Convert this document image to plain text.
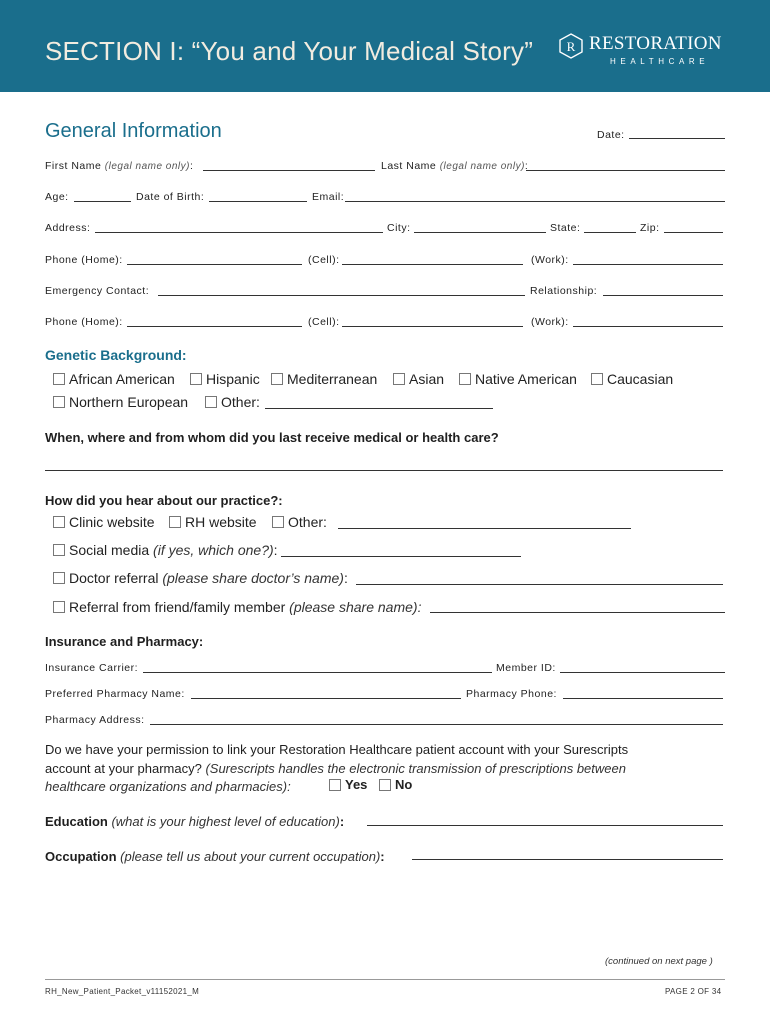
SECTION I: “You and Your Medical Story”	R RESTORATION
HEALTHCARE
General Information	Date:
First Name (legal name only):	Last Name (legal name only):
Age:	Date of Birth:	Email:
Address:	City:	State:	Zip:
Phone (Home):	(Cell):	(Work):
Emergency Contact:	Relationship:
Phone (Home):	(Cell):	(Work):
Genetic Background:
African American Hispanic Mediterranean Asian Native American Caucasian
Northern European Other:
When, where and from whom did you last receive medical or health care?
How did you hear about our practice?:
Clinic website RH website Other:
Social media
(if yes, which one?) :
Doctor referral
(please share doctor’s name) :
Referral from friend/family member
(please share name):
Insurance and Pharmacy:
Insurance Carrier:	Member ID:
Preferred Pharmacy Name:	Pharmacy Phone:
Pharmacy Address:
Do we have your permission to link your Restoration Healthcare patient account with your Surescripts
account at your pharmacy? (Surescripts handles the electronic transmission of prescriptions between
healthcare organizations and pharmacies):	Yes No
Education (what is your highest level of education):
Occupation (please tell us about your current occupation):
(continued on next page )
RH_New_Patient_Packet_v11152021_M	PAGE 2 OF 34
